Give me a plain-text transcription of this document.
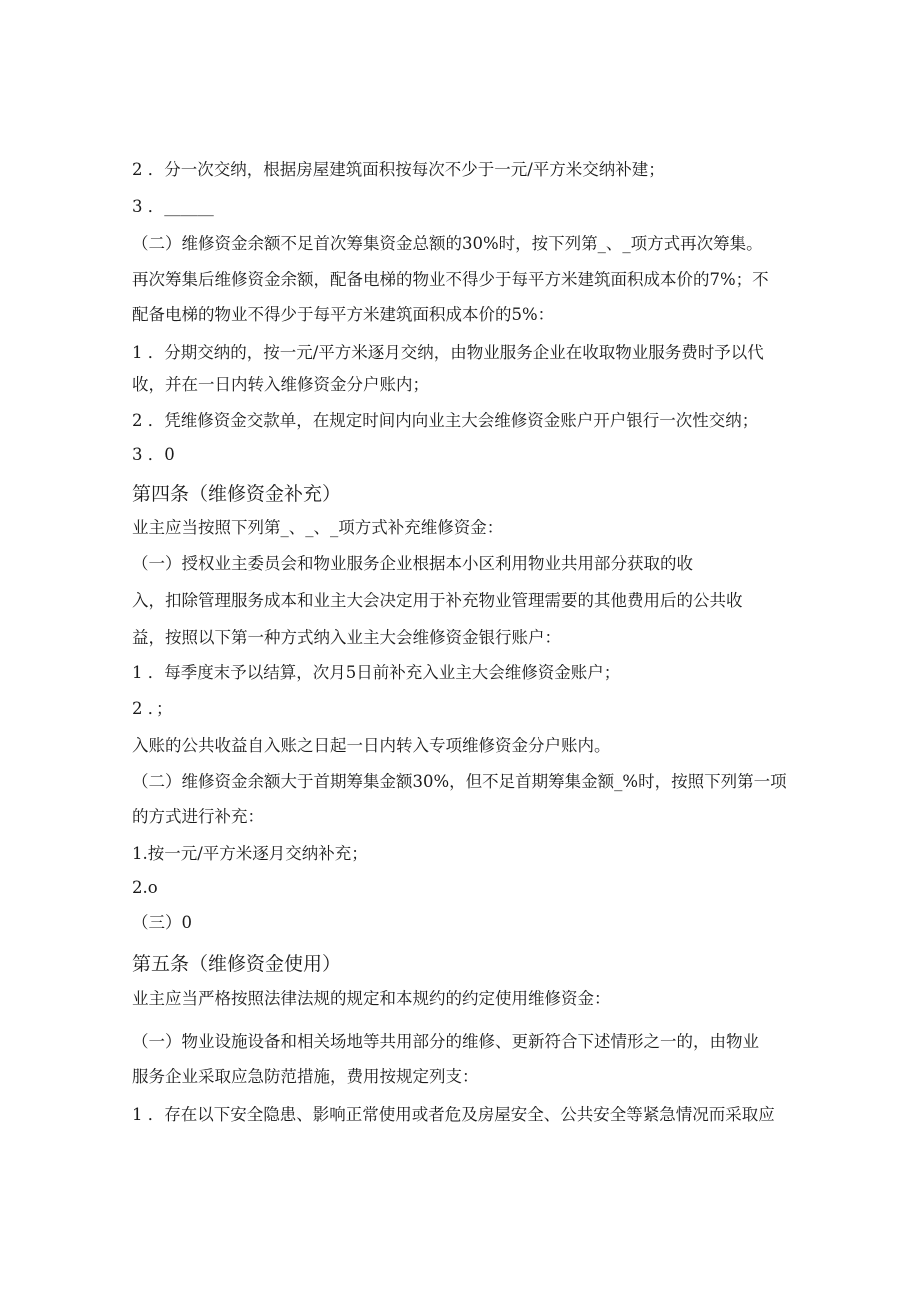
2 ．分一次交纳，根据房屋建筑面积按每次不少于一元/平方米交纳补建；
3 ．______
（二）维修资金余额不足首次筹集资金总额的30%时，按下列第_、_项方式再次筹集。
再次筹集后维修资金余额，配备电梯的物业不得少于每平方米建筑面积成本价的7%；不
配备电梯的物业不得少于每平方米建筑面积成本价的5%：
1 ．分期交纳的，按一元/平方米逐月交纳，由物业服务企业在收取物业服务费时予以代
收，并在一日内转入维修资金分户账内；
2 ．凭维修资金交款单，在规定时间内向业主大会维修资金账户开户银行一次性交纳；
3 ．0
第四条（维修资金补充）
业主应当按照下列第_、_、_项方式补充维修资金：
（一）授权业主委员会和物业服务企业根据本小区利用物业共用部分获取的收
入，扣除管理服务成本和业主大会决定用于补充物业管理需要的其他费用后的公共收
益，按照以下第一种方式纳入业主大会维修资金银行账户：
1 ．每季度末予以结算，次月5日前补充入业主大会维修资金账户；
2 ．；
入账的公共收益自入账之日起一日内转入专项维修资金分户账内。
（二）维修资金余额大于首期筹集金额30%，但不足首期筹集金额_%时，按照下列第一项
的方式进行补充：
1.按一元/平方米逐月交纳补充；
2.o
（三）0
第五条（维修资金使用）
业主应当严格按照法律法规的规定和本规约的约定使用维修资金：
（一）物业设施设备和相关场地等共用部分的维修、更新符合下述情形之一的，由物业
服务企业采取应急防范措施，费用按规定列支：
1 ．存在以下安全隐患、影响正常使用或者危及房屋安全、公共安全等紧急情况而采取应
